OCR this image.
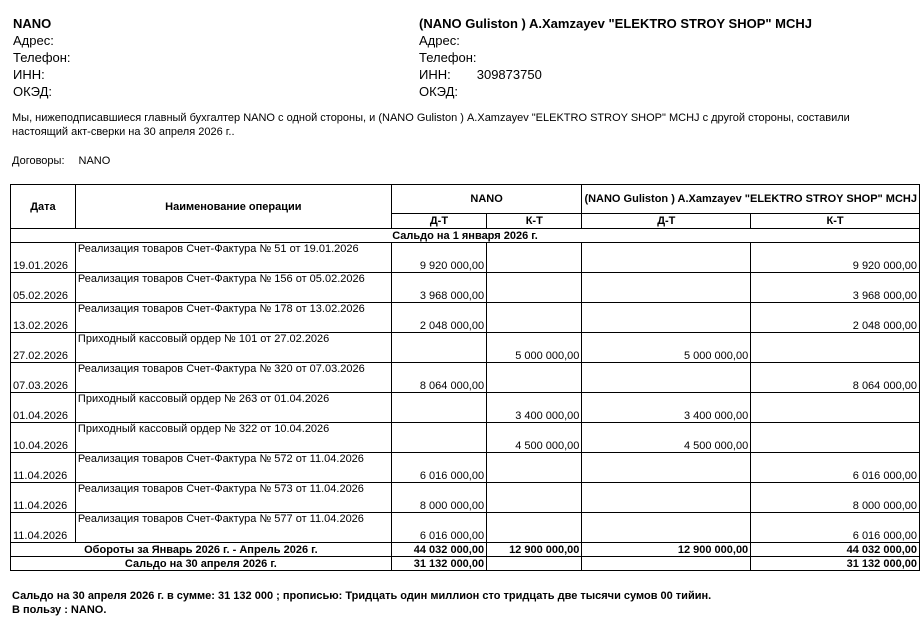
NANO
Адрес:
Телефон:
ИНН:
ОКЭД:
(NANO Guliston ) A.Xamzayev "ELEKTRO STROY SHOP" MCHJ
Адрес:
Телефон:
ИНН: 309873750
ОКЭД:
Мы, нижеподписавшиеся главный бухгалтер NANO с одной стороны, и (NANO Guliston ) A.Xamzayev "ELEKTRO STROY SHOP" MCHJ с другой стороны, составили настоящий акт-сверки на 30 апреля 2026 г..
Договоры: NANO
Дата	Наименование операции	NANO		(NANO Guliston ) A.Xamzayev "ELEKTRO STROY SHOP" MCHJ	
		Д-Т	К-Т	Д-Т	К-Т
Сальдо на 1 января 2026 г.					
19.01.2026	Реализация товаров Счет-Фактура № 51 от 19.01.2026	9 920 000,00			9 920 000,00
05.02.2026	Реализация товаров Счет-Фактура № 156 от 05.02.2026	3 968 000,00			3 968 000,00
13.02.2026	Реализация товаров Счет-Фактура № 178 от 13.02.2026	2 048 000,00			2 048 000,00
27.02.2026	Приходный кассовый ордер № 101 от 27.02.2026		5 000 000,00	5 000 000,00	
07.03.2026	Реализация товаров Счет-Фактура № 320 от 07.03.2026	8 064 000,00			8 064 000,00
01.04.2026	Приходный кассовый ордер № 263 от 01.04.2026		3 400 000,00	3 400 000,00	
10.04.2026	Приходный кассовый ордер № 322 от 10.04.2026		4 500 000,00	4 500 000,00	
11.04.2026	Реализация товаров Счет-Фактура № 572 от 11.04.2026	6 016 000,00			6 016 000,00
11.04.2026	Реализация товаров Счет-Фактура № 573 от 11.04.2026	8 000 000,00			8 000 000,00
11.04.2026	Реализация товаров Счет-Фактура № 577 от 11.04.2026	6 016 000,00			6 016 000,00
Обороты за Январь 2026 г. - Апрель 2026 г.		44 032 000,00	12 900 000,00	12 900 000,00	44 032 000,00
Сальдо на 30 апреля 2026 г.		31 132 000,00			31 132 000,00
Сальдо на 30 апреля 2026 г. в сумме: 31 132 000 ; прописью: Тридцать один миллион сто тридцать две тысячи сумов 00 тийин.
В пользу : NANO.
